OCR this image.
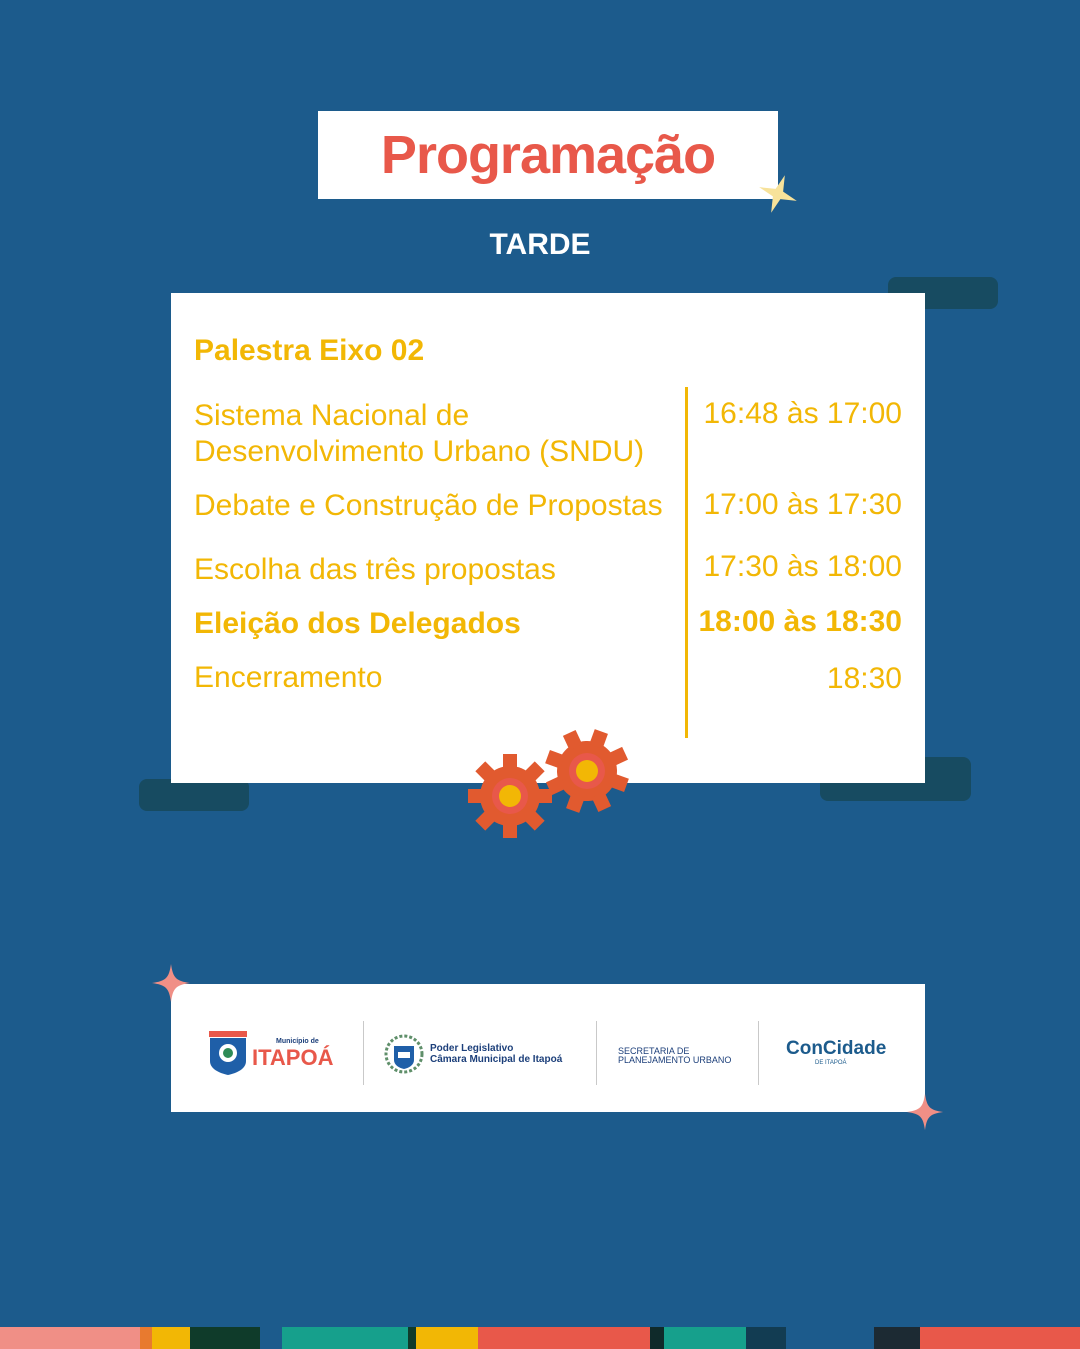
Programação
TARDE
Palestra Eixo 02
Sistema Nacional de
Desenvolvimento Urbano (SNDU)
16:48 às 17:00
Debate e Construção de Propostas 17:00 às 17:30
Escolha das três propostas	17:30 às 18:00
Eleição dos Delegados	18:00 às 18:30
Encerramento	18:30
Município de
ITAPOÁ	Poder Legislativo
Câmara Municipal de Itapoá
SECRETARIA DE
PLANEJAMENTO URBANO
ConCidade
DE ITAPOÁ
